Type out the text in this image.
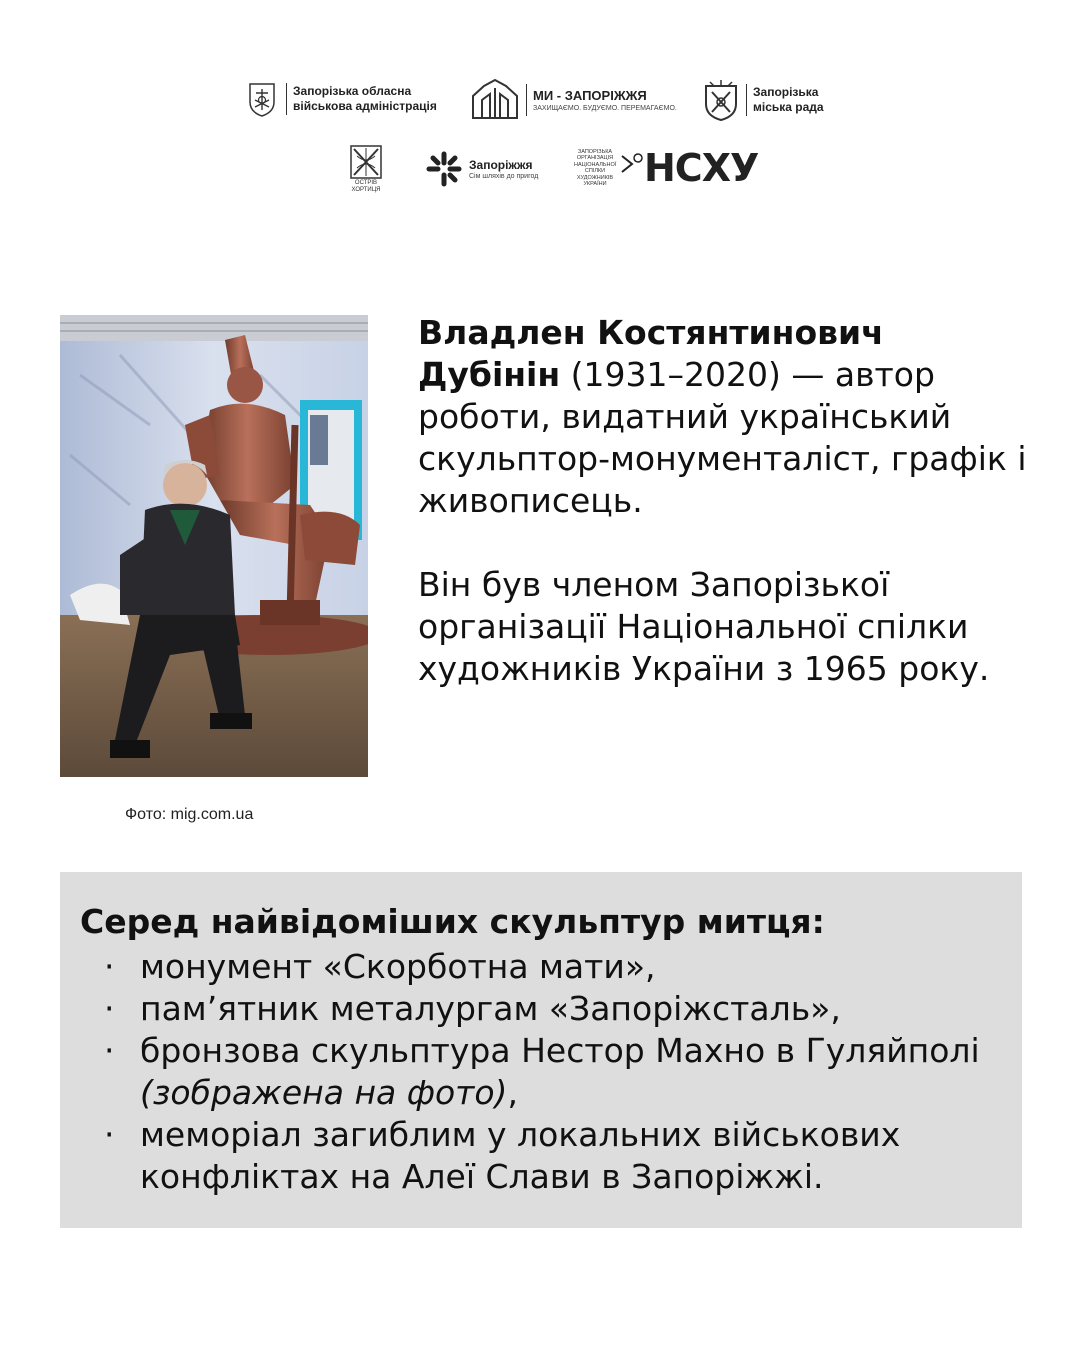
Запорізька обласна
військова адміністрація
МИ - ЗАПОРІЖЖЯ
ЗАХИЩАЄМО. БУДУЄМО. ПЕРЕМАГАЄМО.
Запорізька
міська рада
ОСТРІВ ХОРТИЦЯ
Запоріжжя
Сім шляхів до пригод
ЗАПОРІЗЬКА ОРГАНІЗАЦІЯ НАЦІОНАЛЬНОЇ СПІЛКИ ХУДОЖНИКІВ УКРАЇНИ НСХУ
Фото: mig.com.ua

Владлен Костянтинович Дубінін (1931–2020) — автор роботи, видатний український скульптор-монументаліст, графік і живописець.

Він був членом Запорізької організації Національної спілки художників України з 1965 року.

Серед найвідоміших скульптур митця:
· монумент «Скорботна мати»,
· пам’ятник металургам «Запоріжсталь»,
· бронзова скульптура Нестор Махно в Гуляйполі (зображена на фото),
· меморіал загиблим у локальних військових конфліктах на Алеї Слави в Запоріжжі.
